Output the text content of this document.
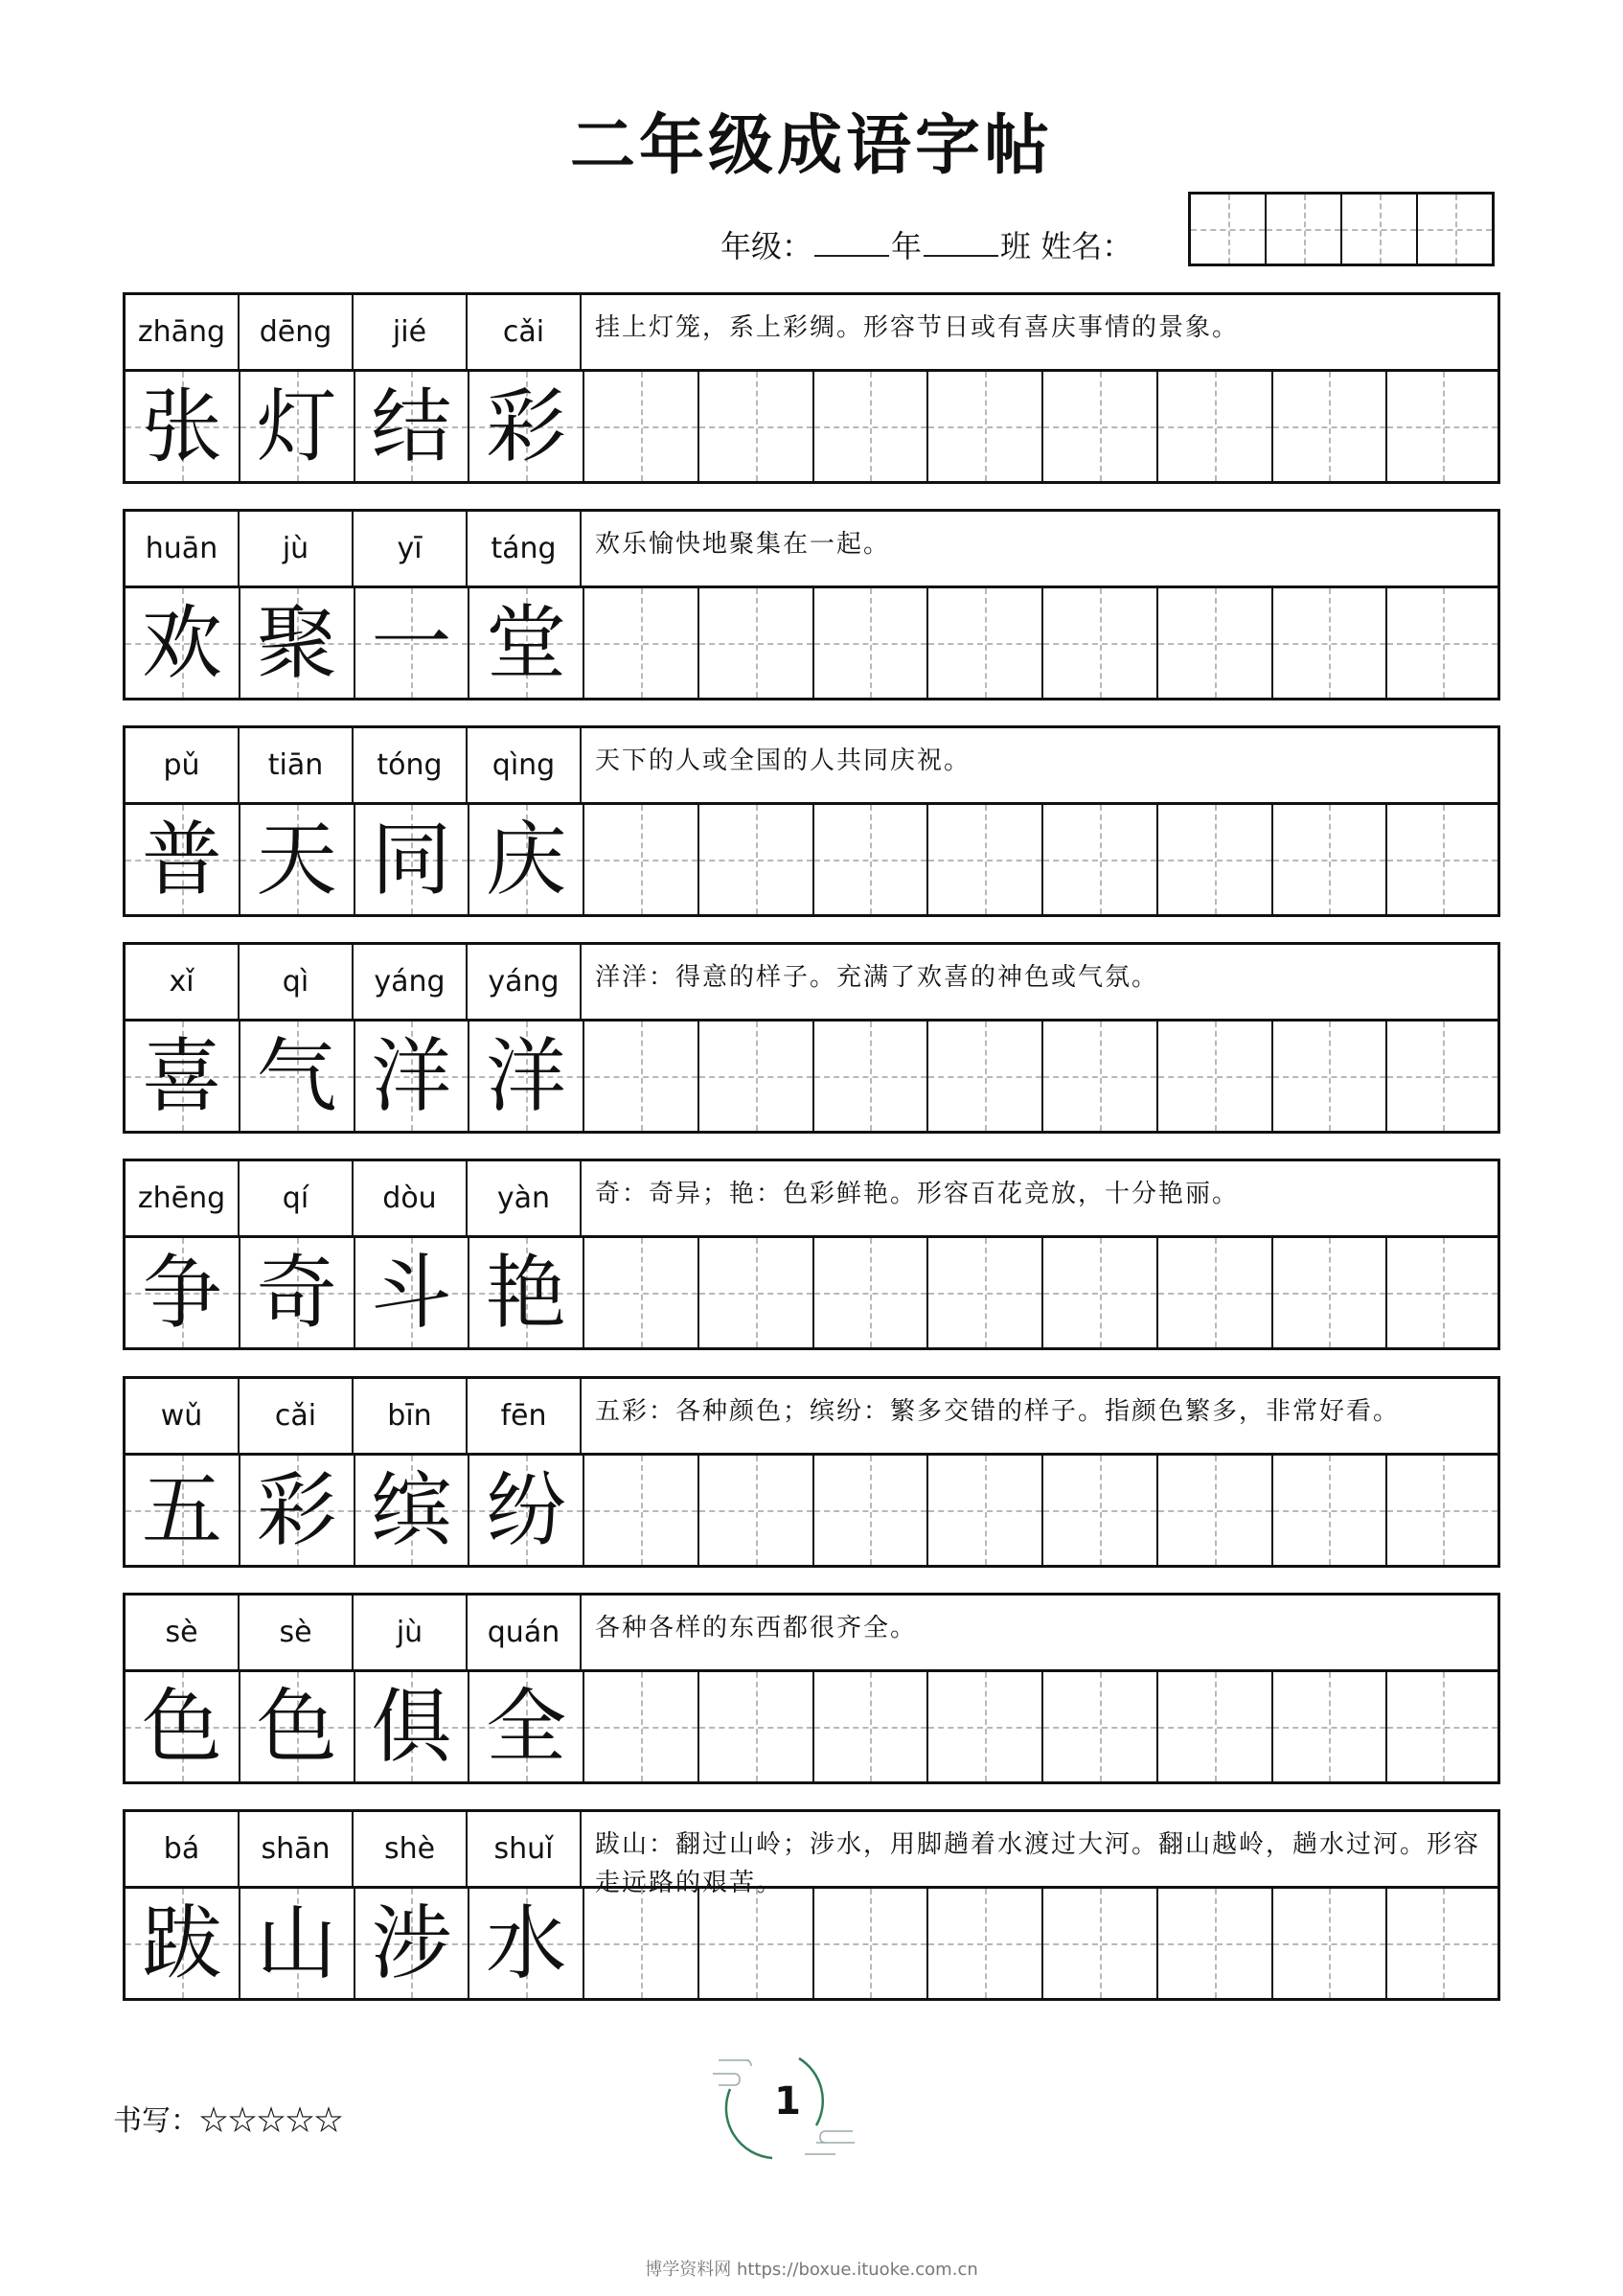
二年级成语字帖
年级：	年	班 姓名：
zhāng	dēng	jié	cǎi	挂上灯笼，系上彩绸。形容节日或有喜庆事情的景象。
张 灯 结 彩
huān	jù	yī	táng	欢乐愉快地聚集在一起。
欢 聚 一 堂
pǔ	tiān	tóng	qìng	天下的人或全国的人共同庆祝。
普 天 同 庆
xǐ	qì	yáng	yáng	洋洋：得意的样子。充满了欢喜的神色或气氛。
喜 气 洋 洋
zhēng	qí	dòu	yàn	奇：奇异；艳：色彩鲜艳。形容百花竞放，十分艳丽。
争 奇 斗 艳
wǔ	cǎi	bīn	fēn	五彩：各种颜色；缤纷：繁多交错的样子。指颜色繁多，非常好看。
五 彩 缤 纷
sè	sè	jù	quán	各种各样的东西都很齐全。
色 色 俱 全
bá	shān	shè	shuǐ	跋山：翻过山岭；涉水，用脚趟着水渡过大河。翻山越岭，趟水过河。形容走远路的艰苦。
跋 山 涉 水
书写：☆☆☆☆☆	1
博学资料网 https://boxue.ituoke.com.cn
